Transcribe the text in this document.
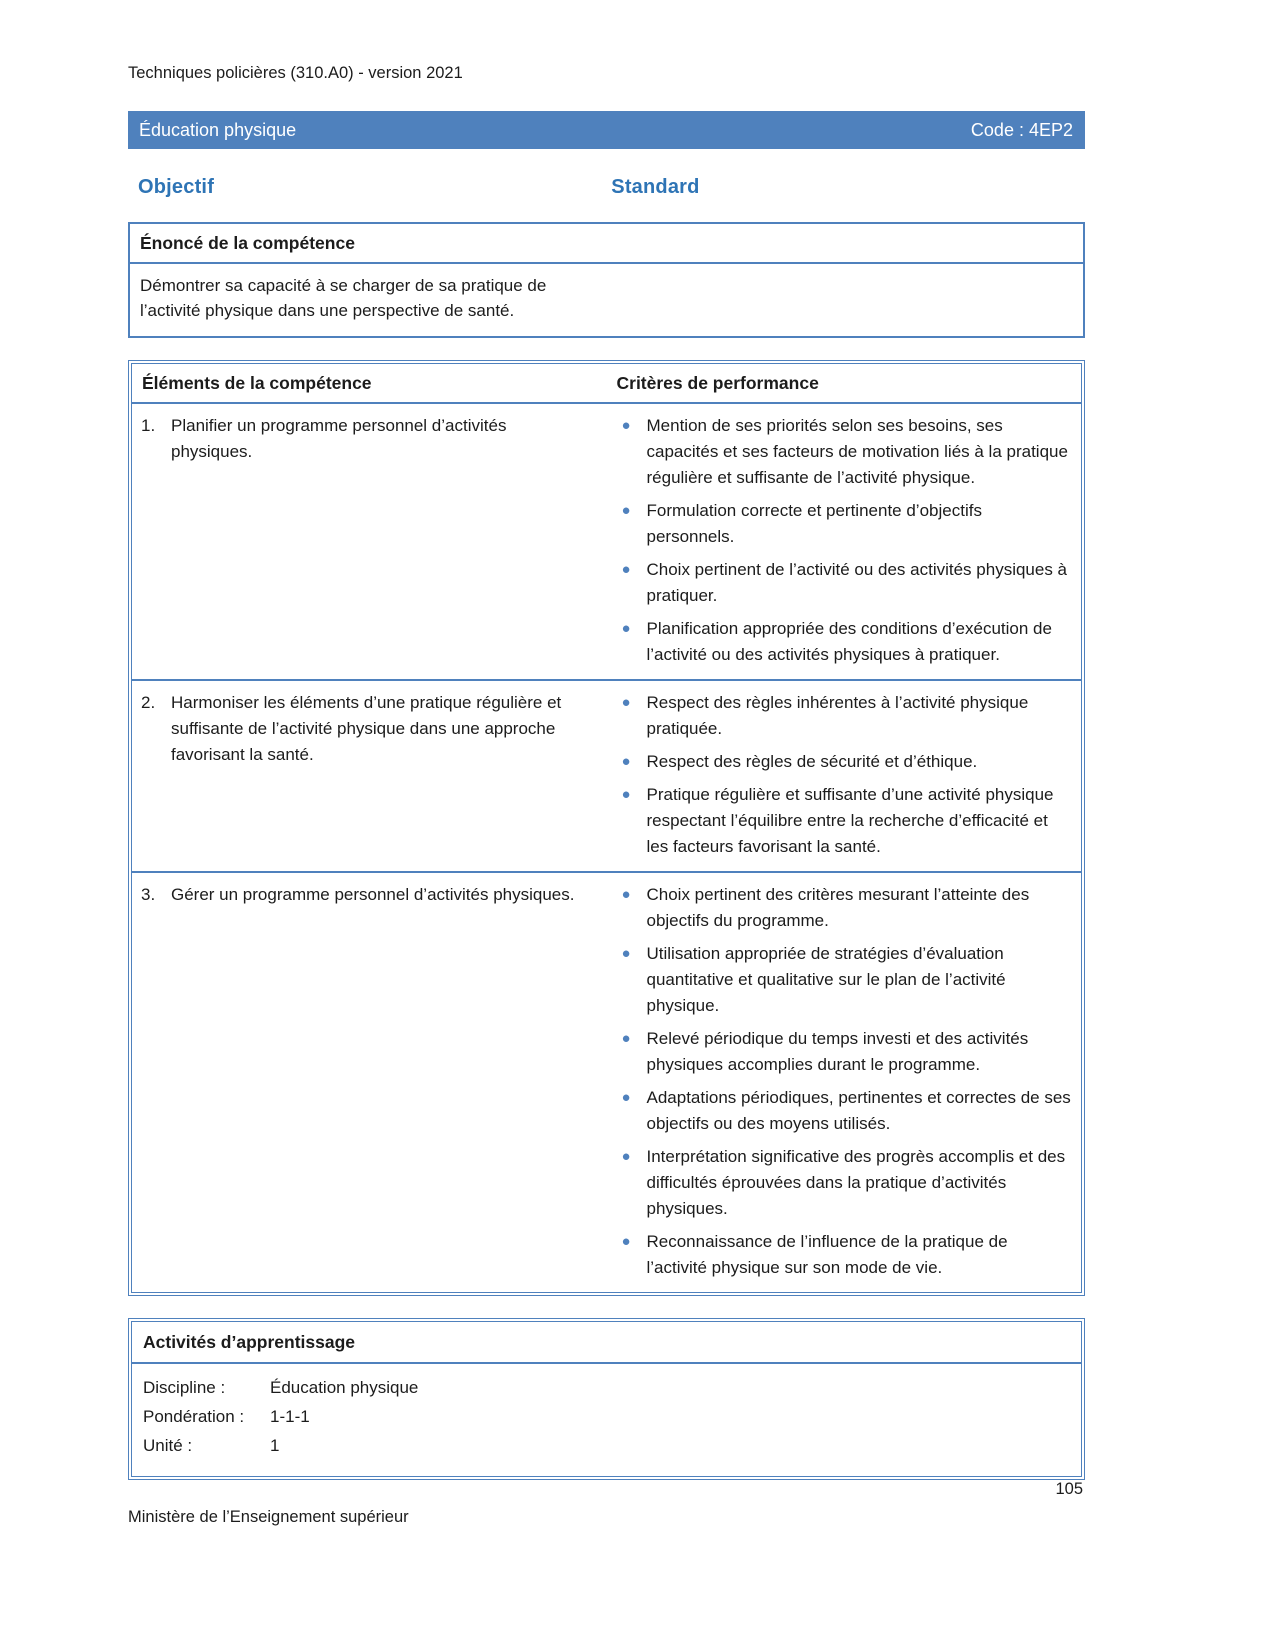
Techniques policières (310.A0) - version 2021
Éducation physique	Code : 4EP2
Objectif	Standard
Énoncé de la compétence
Démontrer sa capacité à se charger de sa pratique de l’activité physique dans une perspective de santé.
Éléments de la compétence	Critères de performance
1. Planifier un programme personnel d’activités physiques.
● Mention de ses priorités selon ses besoins, ses capacités et ses facteurs de motivation liés à la pratique régulière et suffisante de l’activité physique.
● Formulation correcte et pertinente d’objectifs personnels.
● Choix pertinent de l’activité ou des activités physiques à pratiquer.
● Planification appropriée des conditions d’exécution de l’activité ou des activités physiques à pratiquer.
2. Harmoniser les éléments d’une pratique régulière et suffisante de l’activité physique dans une approche favorisant la santé.
● Respect des règles inhérentes à l’activité physique pratiquée.
● Respect des règles de sécurité et d’éthique.
● Pratique régulière et suffisante d’une activité physique respectant l’équilibre entre la recherche d’efficacité et les facteurs favorisant la santé.
3. Gérer un programme personnel d’activités physiques.	● Choix pertinent des critères mesurant l’atteinte des objectifs du programme.
● Utilisation appropriée de stratégies d’évaluation quantitative et qualitative sur le plan de l’activité physique.
● Relevé périodique du temps investi et des activités physiques accomplies durant le programme.
● Adaptations périodiques, pertinentes et correctes de ses objectifs ou des moyens utilisés.
● Interprétation significative des progrès accomplis et des difficultés éprouvées dans la pratique d’activités physiques.
● Reconnaissance de l’influence de la pratique de l’activité physique sur son mode de vie.
Activités d’apprentissage
Discipline :	Éducation physique
Pondération :	1-1-1
Unité :	1
105
Ministère de l’Enseignement supérieur
